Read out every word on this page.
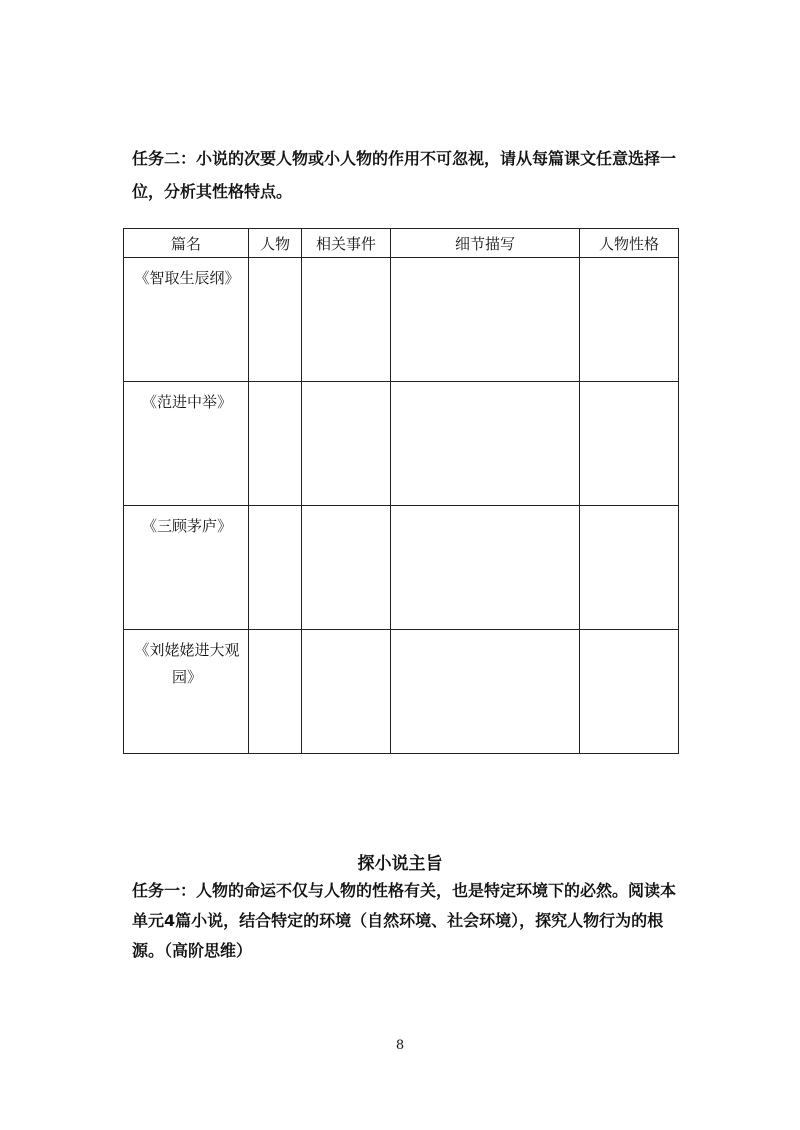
任务二：小说的次要人物或小人物的作用不可忽视，请从每篇课文任意选择一位，分析其性格特点。
篇名	人物	相关事件	细节描写	人物性格
《智取生辰纲》				
《范进中举》				
《三顾茅庐》				
《刘姥姥进大观园》				
探小说主旨
任务一：人物的命运不仅与人物的性格有关，也是特定环境下的必然。阅读本单元4篇小说，结合特定的环境（自然环境、社会环境），探究人物行为的根源。（高阶思维）
8
